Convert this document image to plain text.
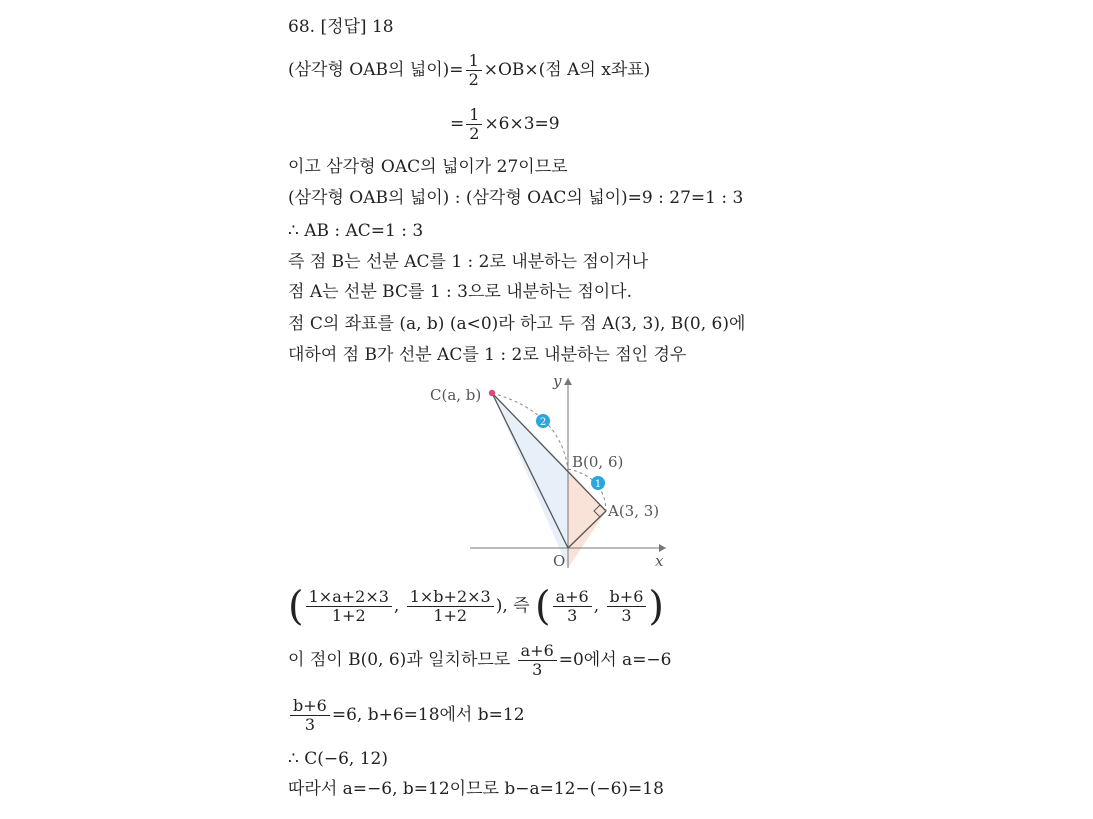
68. [정답] 18
(삼각형 OAB의 넓이)= $\frac{1}{2} \times OB\times$(점 A의 x좌표)
= $\frac{1}{2} \times 6\times 3=9$
이고 삼각형 OAC의 넓이가 27이므로
(삼각형 OAB의 넓이) : (삼각형 OAC의 넓이)=9 : 27=1 : 3
∴ AB : AC=1 : 3
즉 점 B는 선분 AC를 1 : 2로 내분하는 점이거나
점 A는 선분 BC를 1 : 3으로 내분하는 점이다.
점 C의 좌표를 (a, b) (a<0)라 하고 두 점 A(3, 3), B(0, 6)에
대하여 점 B가 선분 AC를 1 : 2로 내분하는 점인 경우
2
1
C(a, b)
B(0, 6)
A(3, 3)
O	x
y
( $\frac{1\times a+2\times 3}{1+2}$ , $\frac{1\times b+2\times 3}{1+2}$ ), 즉 ( $\frac{a+6}{3}$ , $\frac{b+6}{3}$ )
이 점이 B(0, 6)과 일치하므로 $\frac{a+6}{3} =0$에서 a=−6
$\frac{b+6}{3} =6$, b+6=18에서 b=12
∴ C(−6, 12)
따라서 a=−6, b=12이므로 b−a=12−(−6)=18
